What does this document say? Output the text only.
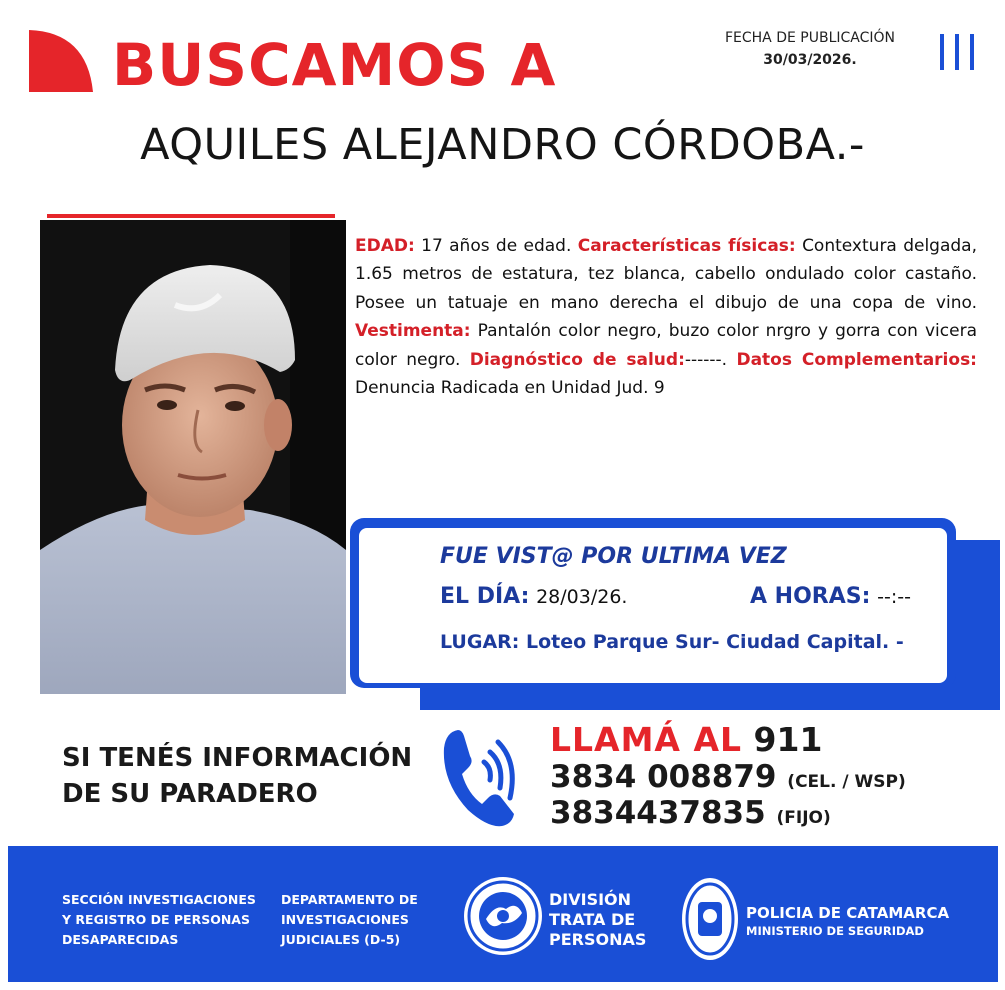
BUSCAMOS A	FECHA DE PUBLICACIÓN
30/03/2026.
AQUILES ALEJANDRO CÓRDOBA.-
EDAD: 17 años de edad. Características físicas: Contextura delgada, 1.65 metros de estatura, tez blanca, cabello ondulado color castaño. Posee un tatuaje en mano derecha el dibujo de una copa de vino. Vestimenta: Pantalón color negro, buzo color nrgro y gorra con vicera color negro. Diagnóstico de salud:------. Datos Complementarios: Denuncia Radicada en Unidad Jud. 9
FUE VIST@ POR ULTIMA VEZ
EL DÍA: 28/03/26.	A HORAS: --:--
LUGAR: Loteo Parque Sur- Ciudad Capital. -
SI TENÉS INFORMACIÓN
DE SU PARADERO
LLAMÁ AL 911
3834 008879 (CEL. / WSP)
3834437835 (FIJO)
SECCIÓN INVESTIGACIONES
Y REGISTRO DE PERSONAS
DESAPARECIDAS
DEPARTAMENTO DE
INVESTIGACIONES
JUDICIALES (D-5)
DIVISIÓN
TRATA DE
PERSONAS
POLICIA DE CATAMARCA
MINISTERIO DE SEGURIDAD
